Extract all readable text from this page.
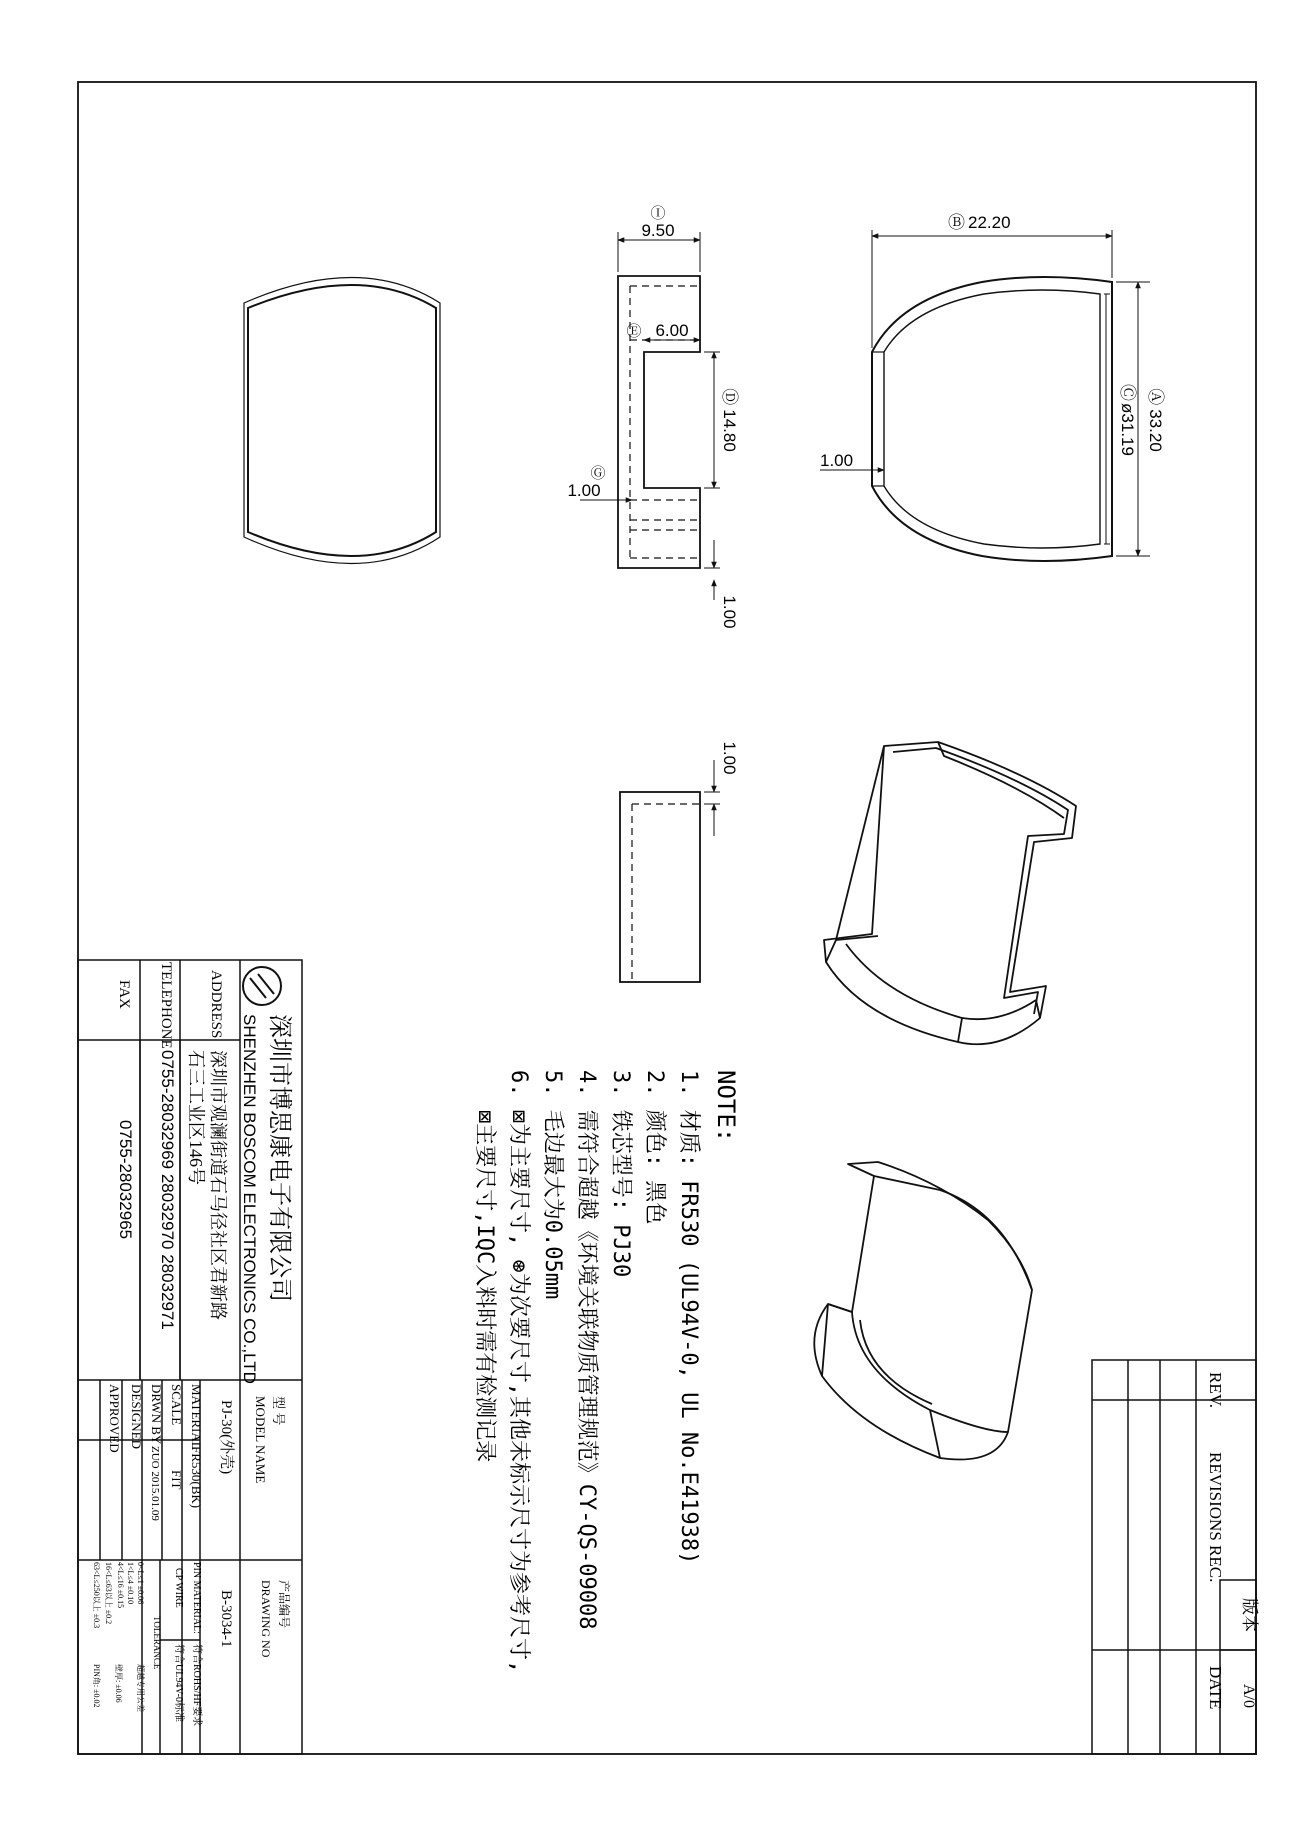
Ⓘ
9.50
Ⓔ 6.00
Ⓓ14.80
Ⓖ
1.00
1.00
Ⓑ 22.20
Ⓐ33.20
Ⓒø31.19
1.00
1.00
NOTE:
1. 材质: FR530 (UL94V-0, UL No.E41938)
2. 颜色: 黑色
3. 铁芯型号: PJ30
4. 需符合超越《环境关联物质管理规范》CY-QS-09008
5. 毛边最大为0.05mm
6. ⊠为主要尺寸, ⊛为次要尺寸,其他未标示尺寸为参考尺寸,
⊠主要尺寸,IQC入料时需有检测记录
深圳市博思康电子有限公司
SHENZHEN BOSCOM ELECTRONICS CO.,LTD
ADDRESS
深圳市观澜街道石马径社区君新路
石三工业区146号
TELEPHONE
0755-28032969 28032970 28032971
FAX
0755-28032965
型 号
MODEL NAME
PJ-30(外壳)
MATERIAL
FR530(BK)
SCALE
FIT
DRWN BY
ZUO 2015.01.09
DESIGNED
APPROVED
产品编号
DRAWING NO
B-3034-1
PIN MATERIAL:
符合ROHS/HF要求
CP WIRE
符合UL94V-0标准
TOLERANCE
0<L≤1 ±0.06
1<L≤4 ±0.10
4<L≤16 ±0.15
16<L≤63以上 ±0.2
63<L≤250以上 ±0.3
超越专用公差
壁厚: ±0.06
PIN角: ±0.02
REV.
REVISIONS REC.
DATE
版本
A/0
